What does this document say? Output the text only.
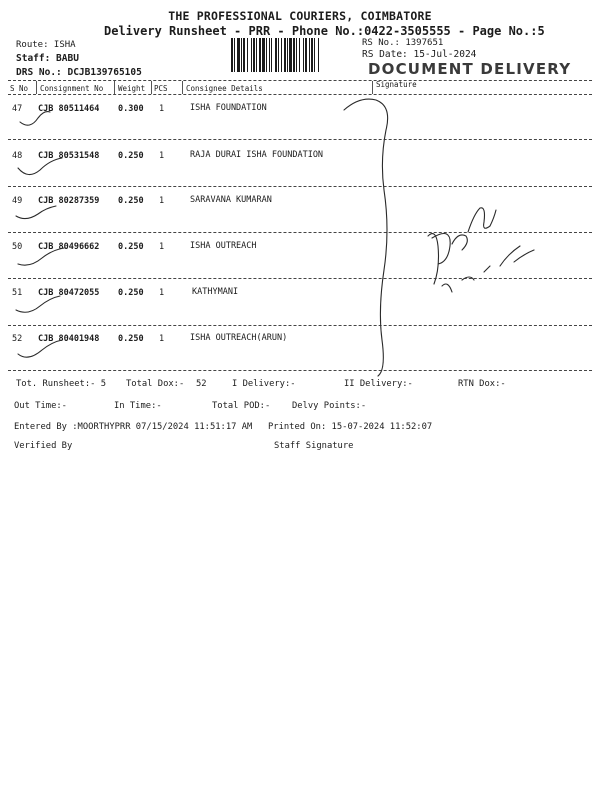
THE PROFESSIONAL COURIERS, COIMBATORE
Delivery Runsheet - PRR - Phone No.:0422-3505555 - Page No.:5
Route: ISHA
Staff: BABU
DRS No.: DCJB139765105
RS No.: 1397651
RS Date: 15-Jul-2024
DOCUMENT DELIVERY
S No Consignment No Weight PCS Consignee Details	Signature
47 CJB 80511464 0.300 1	ISHA FOUNDATION
48 CJB 80531548 0.250 1	RAJA DURAI ISHA FOUNDATION
49 CJB 80287359 0.250 1	SARAVANA KUMARAN
50 CJB 80496662 0.250 1	ISHA OUTREACH
51 CJB 80472055 0.250 1	KATHYMANI
52 CJB 80401948 0.250 1	ISHA OUTREACH(ARUN)
Tot. Runsheet:- 5 Total Dox:- 52	I Delivery:-	II Delivery:-	RTN Dox:-
Out Time:-	In Time:-	Total POD:- Delvy Points:-
Entered By :MOORTHYPRR 07/15/2024 11:51:17 AM Printed On: 15-07-2024 11:52:07
Verified By	Staff Signature
